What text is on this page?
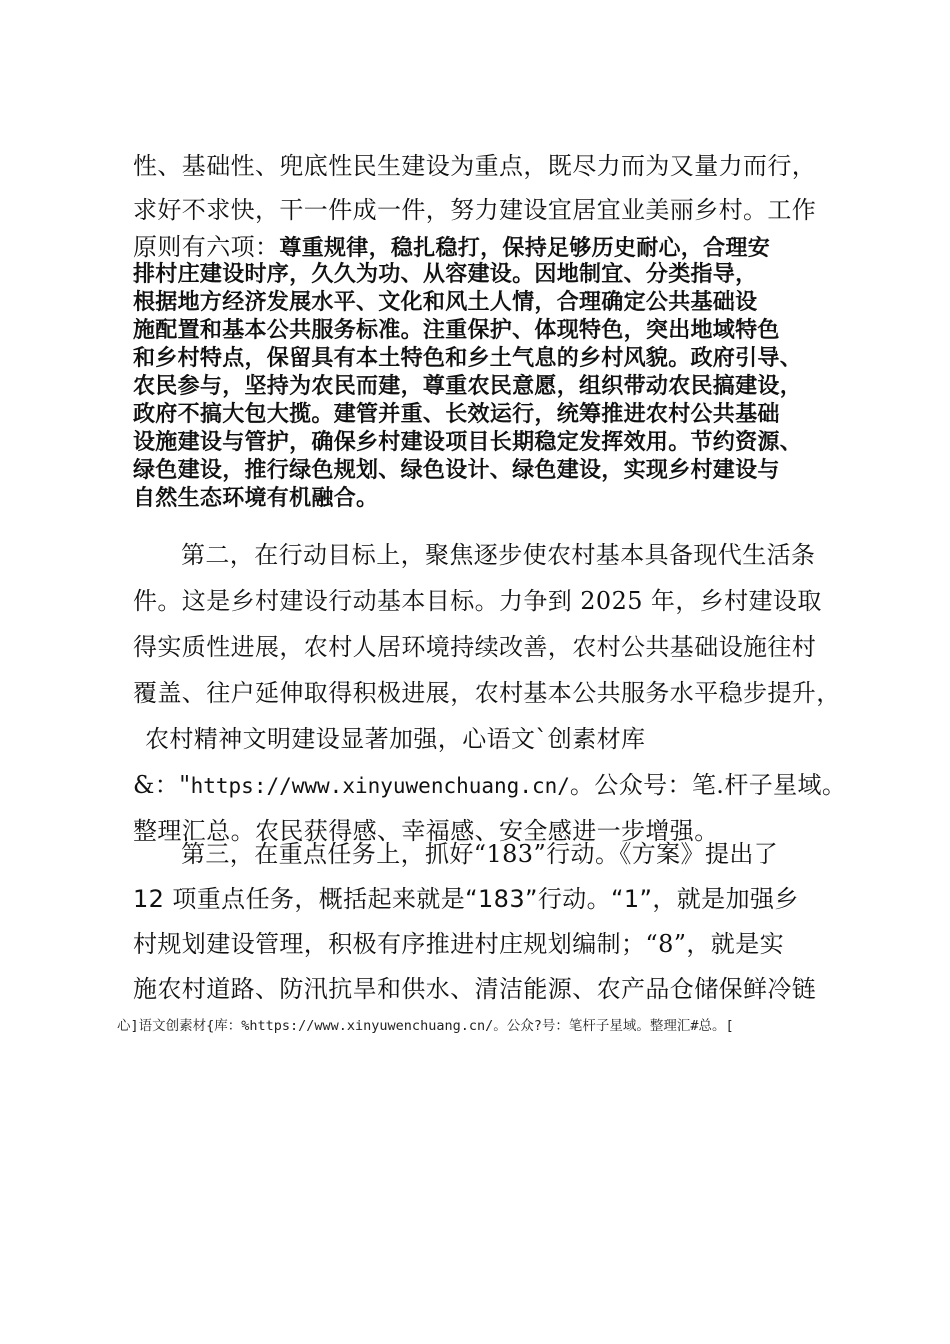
性、基础性、兜底性民生建设为重点，既尽力而为又量力而行，
求好不求快，干一件成一件，努力建设宜居宜业美丽乡村。工作
原则有六项：尊重规律，稳扎稳打，保持足够历史耐心，合理安
排村庄建设时序，久久为功、从容建设。因地制宜、分类指导，
根据地方经济发展水平、文化和风土人情，合理确定公共基础设
施配置和基本公共服务标准。注重保护、体现特色，突出地域特色
和乡村特点，保留具有本土特色和乡土气息的乡村风貌。政府引导、
农民参与，坚持为农民而建，尊重农民意愿，组织带动农民搞建设，
政府不搞大包大揽。建管并重、长效运行，统筹推进农村公共基础
设施建设与管护，确保乡村建设项目长期稳定发挥效用。节约资源、
绿色建设，推行绿色规划、绿色设计、绿色建设，实现乡村建设与
自然生态环境有机融合。
第二，在行动目标上，聚焦逐步使农村基本具备现代生活条
件。这是乡村建设行动基本目标。力争到 2025 年，乡村建设取
得实质性进展，农村人居环境持续改善，农村公共基础设施往村
覆盖、往户延伸取得积极进展，农村基本公共服务水平稳步提升，
农村精神文明建设显著加强，心语文`创素材库
&："https://www.xinyuwenchuang.cn/。公众号：笔.杆子星域。
整理汇总。农民获得感、幸福感、安全感进一步增强。
第三，在重点任务上，抓好“183”行动。《方案》提出了
12 项重点任务，概括起来就是“183”行动。“1”，就是加强乡
村规划建设管理，积极有序推进村庄规划编制；“8”，就是实
施农村道路、防汛抗旱和供水、清洁能源、农产品仓储保鲜冷链
心]语文创素材{库：%https://www.xinyuwenchuang.cn/。公众?号：笔杆子星域。整理汇#总。[
